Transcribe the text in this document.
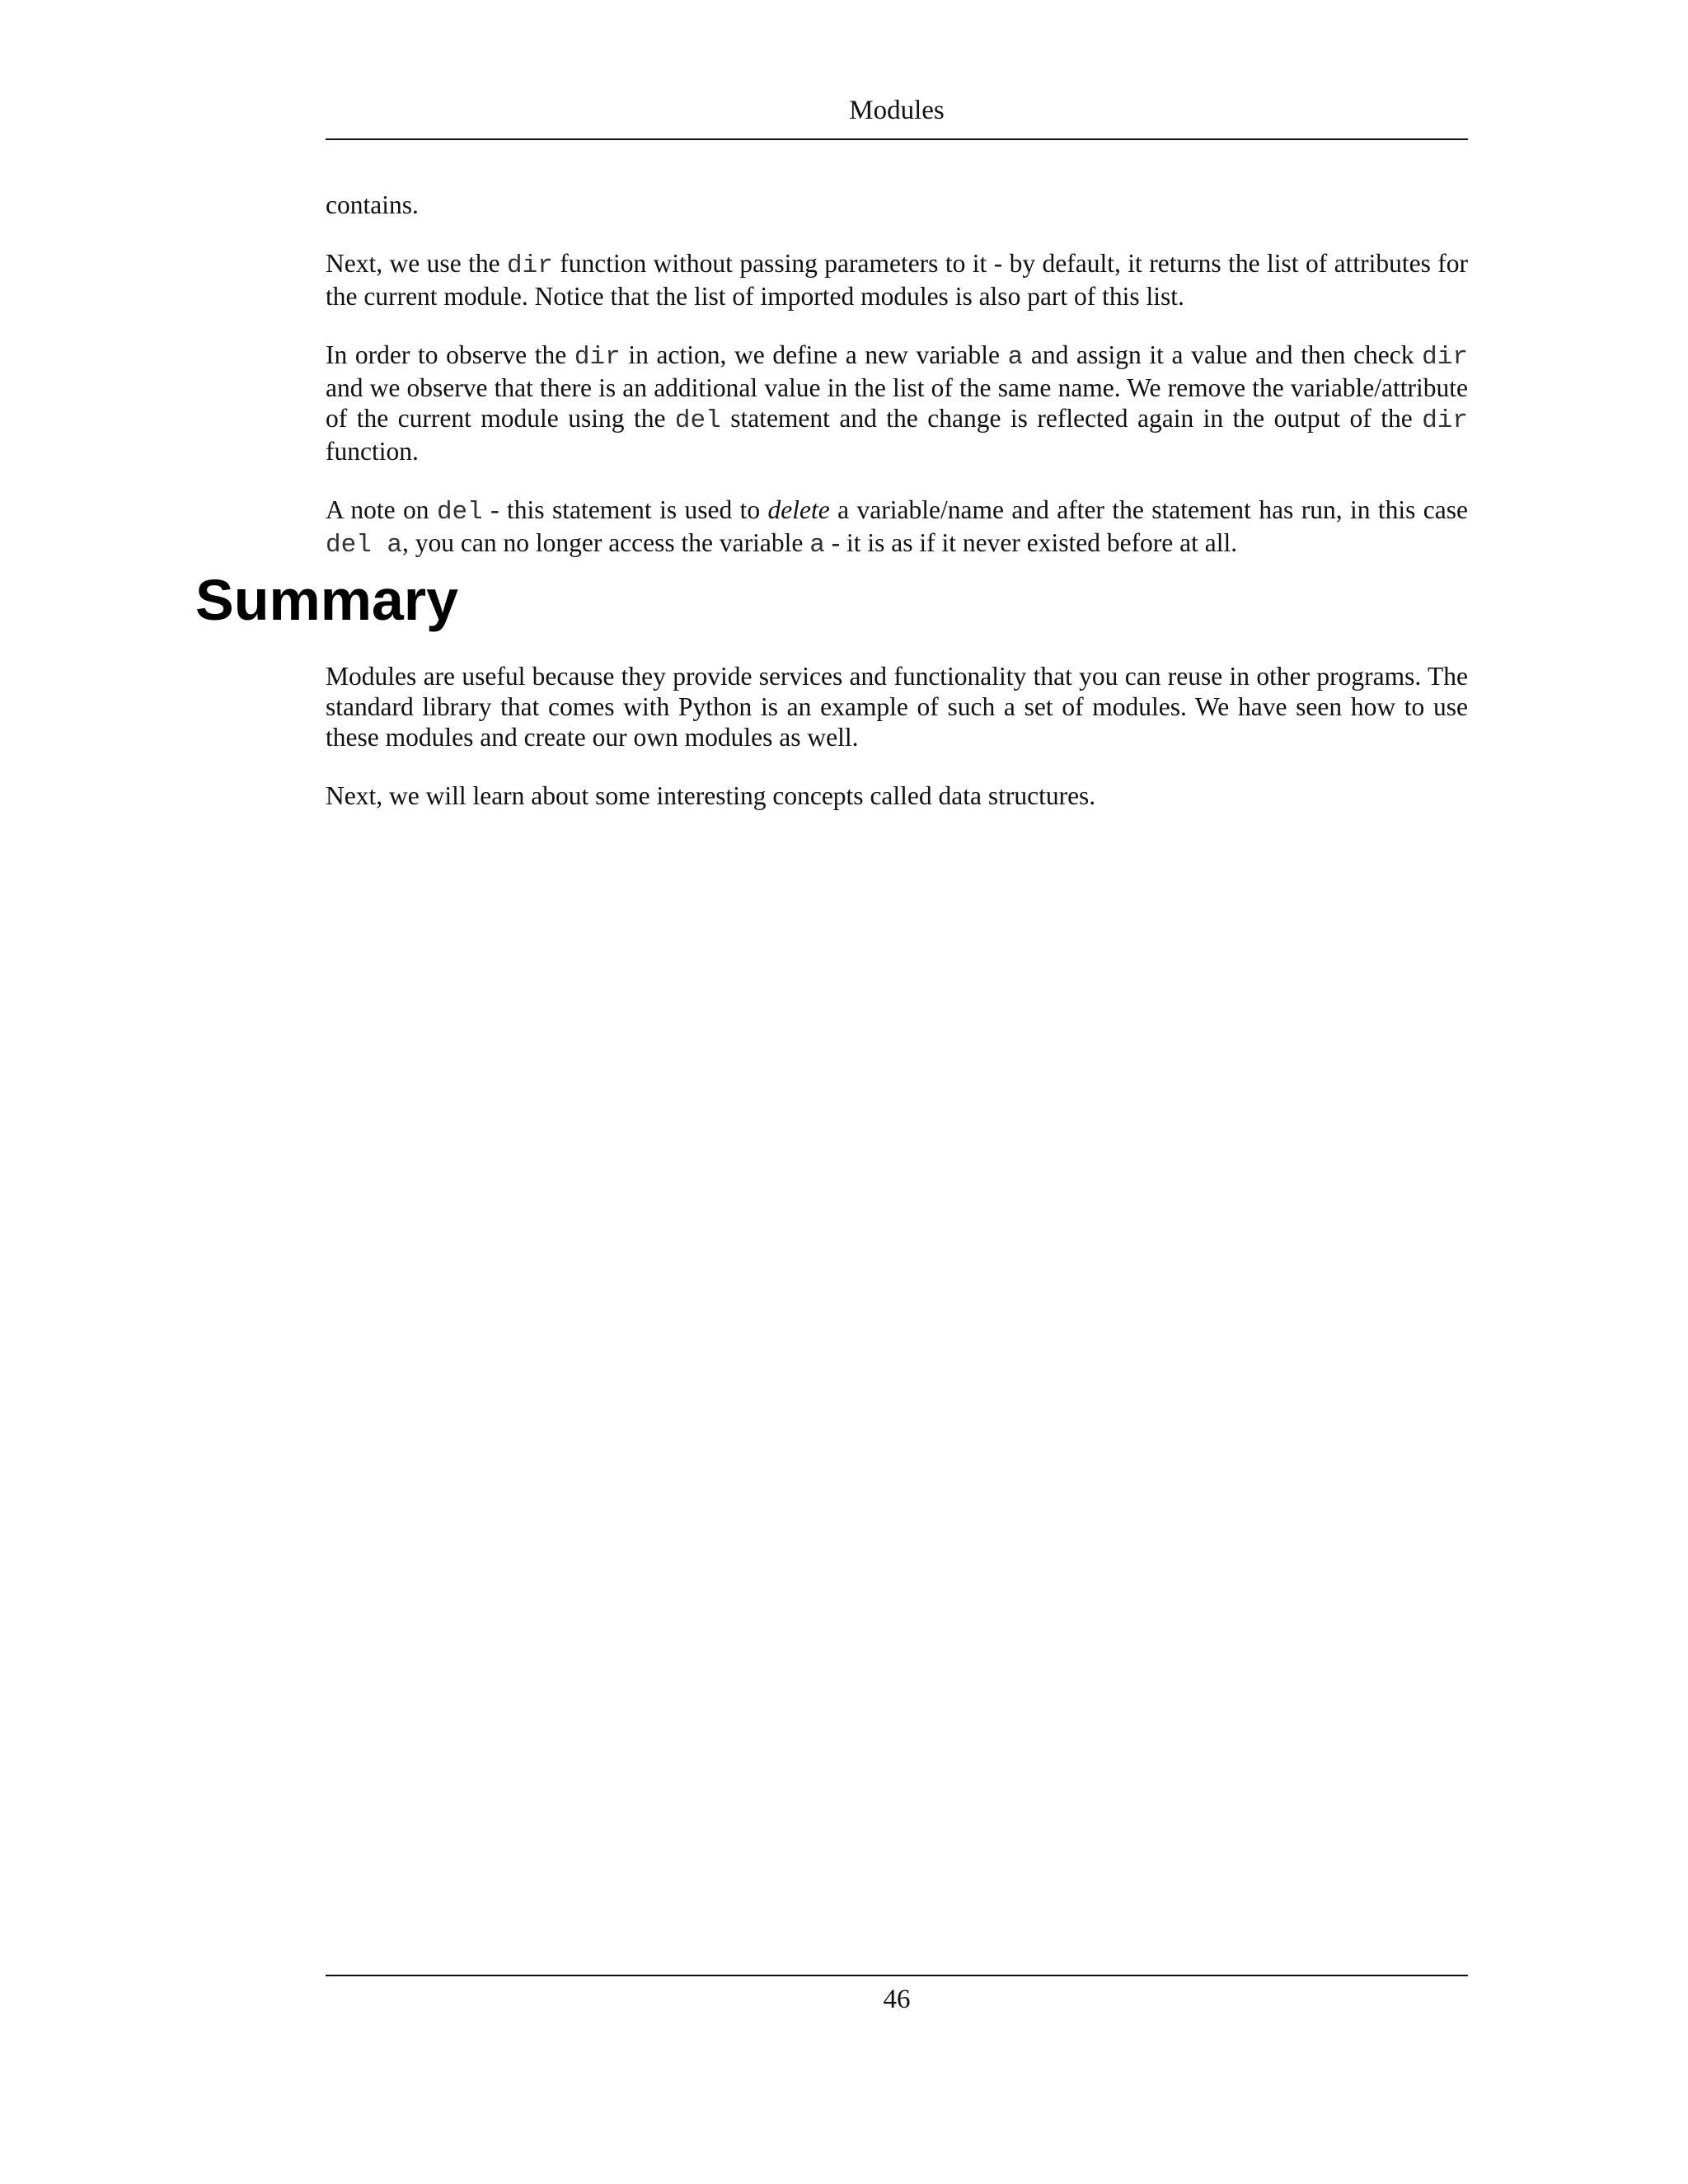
Modules

contains.

Next, we use the dir function without passing parameters to it - by default, it returns the list of attributes for the current module. Notice that the list of imported modules is also part of this list.

In order to observe the dir in action, we define a new variable a and assign it a value and then check dir and we observe that there is an additional value in the list of the same name. We remove the variable/attribute of the current module using the del statement and the change is reflected again in the output of the dir function.

A note on del - this statement is used to delete a variable/name and after the statement has run, in this case del a, you can no longer access the variable a - it is as if it never existed before at all.

Summary

Modules are useful because they provide services and functionality that you can reuse in other programs. The standard library that comes with Python is an example of such a set of modules. We have seen how to use these modules and create our own modules as well.

Next, we will learn about some interesting concepts called data structures.

46
